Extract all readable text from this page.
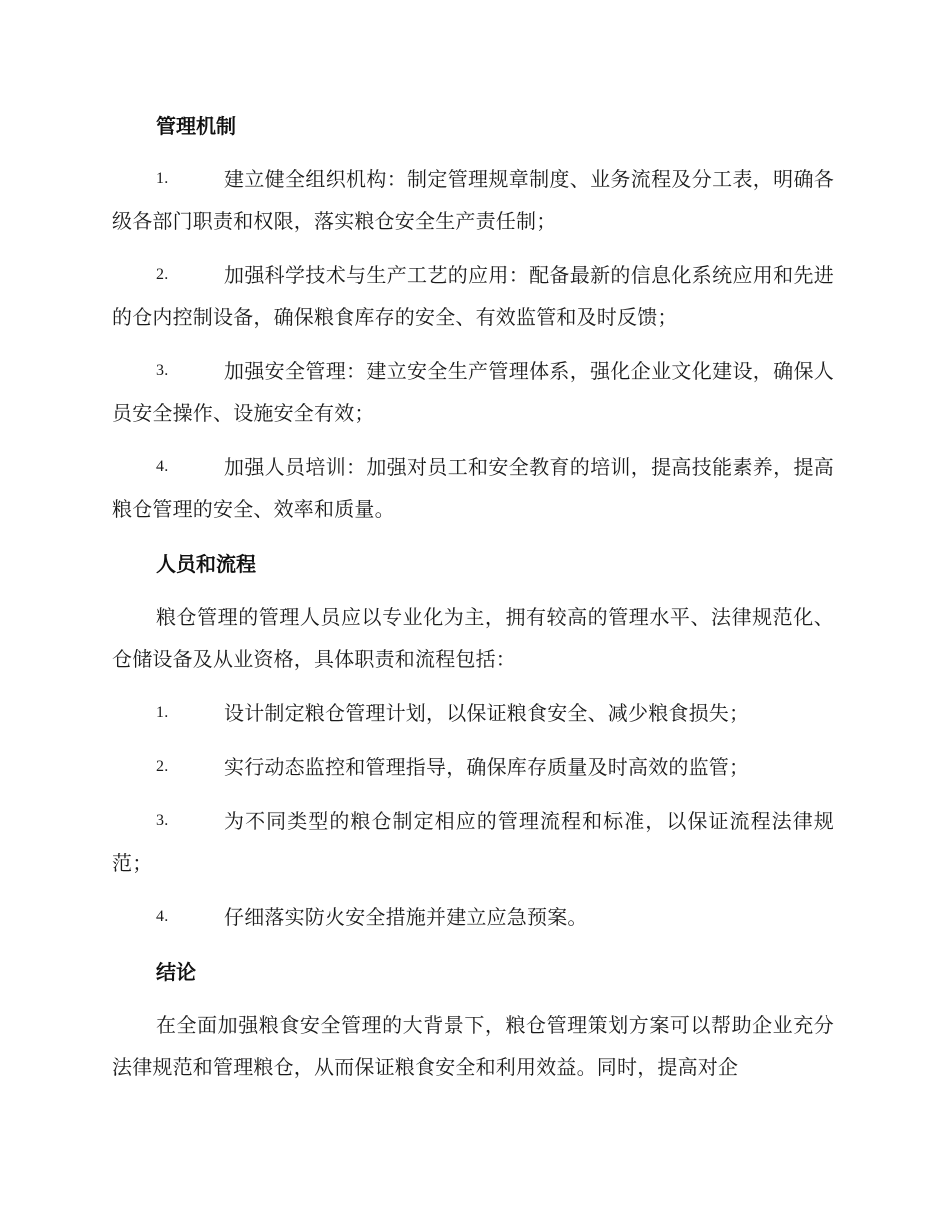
管理机制
1.	建立健全组织机构：制定管理规章制度、业务流程及分工表，明确各级各部门职责和权限，落实粮仓安全生产责任制；
2.	加强科学技术与生产工艺的应用：配备最新的信息化系统应用和先进的仓内控制设备，确保粮食库存的安全、有效监管和及时反馈；
3.	加强安全管理：建立安全生产管理体系，强化企业文化建设，确保人员安全操作、设施安全有效；
4.	加强人员培训：加强对员工和安全教育的培训，提高技能素养，提高粮仓管理的安全、效率和质量。
人员和流程
粮仓管理的管理人员应以专业化为主，拥有较高的管理水平、法律规范化、仓储设备及从业资格，具体职责和流程包括：
1.	设计制定粮仓管理计划，以保证粮食安全、减少粮食损失；
2.	实行动态监控和管理指导，确保库存质量及时高效的监管；
3.	为不同类型的粮仓制定相应的管理流程和标准，以保证流程法律规范；
4.	仔细落实防火安全措施并建立应急预案。
结论
在全面加强粮食安全管理的大背景下，粮仓管理策划方案可以帮助企业充分法律规范和管理粮仓，从而保证粮食安全和利用效益。同时，提高对企
